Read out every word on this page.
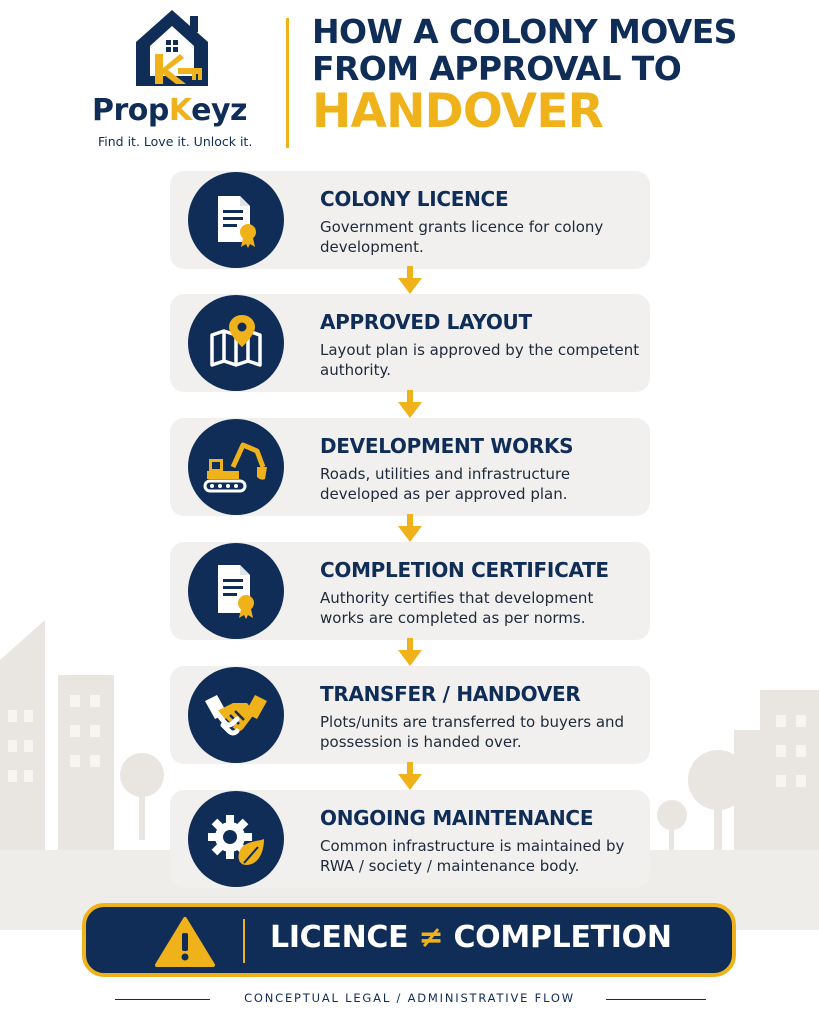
PropKeyz
Find it. Love it. Unlock it.
HOW A COLONY MOVES
FROM APPROVAL TO
HANDOVER
COLONY LICENCE
Government grants licence for colony development.
APPROVED LAYOUT
Layout plan is approved by the competent authority.
DEVELOPMENT WORKS
Roads, utilities and infrastructure developed as per approved plan.
COMPLETION CERTIFICATE
Authority certifies that development works are completed as per norms.
TRANSFER / HANDOVER
Plots/units are transferred to buyers and possession is handed over.
ONGOING MAINTENANCE
Common infrastructure is maintained by RWA / society / maintenance body.
LICENCE ≠ COMPLETION
CONCEPTUAL LEGAL / ADMINISTRATIVE FLOW
